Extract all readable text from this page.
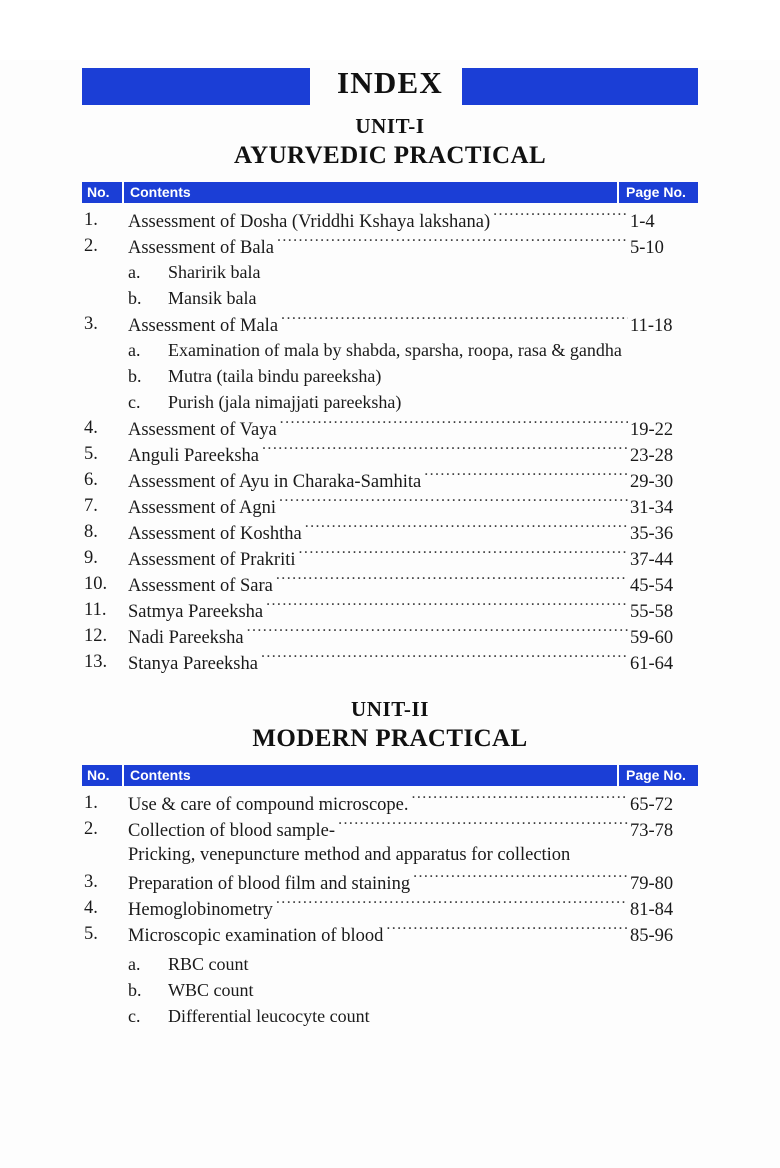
INDEX
UNIT-I
AYURVEDIC PRACTICAL
No. Contents	Page No.
1.	Assessment of Dosha (Vriddhi Kshaya lakshana) .....	1-4
2.	Assessment of Bala .....	5-10
a.	Sharirik bala
b.	Mansik bala
3.	Assessment of Mala .....	11-18
a.	Examination of mala by shabda, sparsha, roopa, rasa & gandha
b.	Mutra (taila bindu pareeksha)
c.	Purish (jala nimajjati pareeksha)
4.	Assessment of Vaya .....	19-22
5.	Anguli Pareeksha .....	23-28
6.	Assessment of Ayu in Charaka-Samhita .....	29-30
7.	Assessment of Agni .....	31-34
8.	Assessment of Koshtha .....	35-36
9.	Assessment of Prakriti .....	37-44
10.	Assessment of Sara .....	45-54
11.	Satmya Pareeksha .....	55-58
12.	Nadi Pareeksha .....	59-60
13.	Stanya Pareeksha .....	61-64
UNIT-II
MODERN PRACTICAL
No. Contents	Page No.
1.	Use & care of compound microscope. .....	65-72
2.	Collection of blood sample- .....	73-78
Pricking, venepuncture method and apparatus for collection
3.	Preparation of blood film and staining .....	79-80
4.	Hemoglobinometry .....	81-84
5.	Microscopic examination of blood .....	85-96
a.	RBC count
b.	WBC count
c.	Differential leucocyte count
